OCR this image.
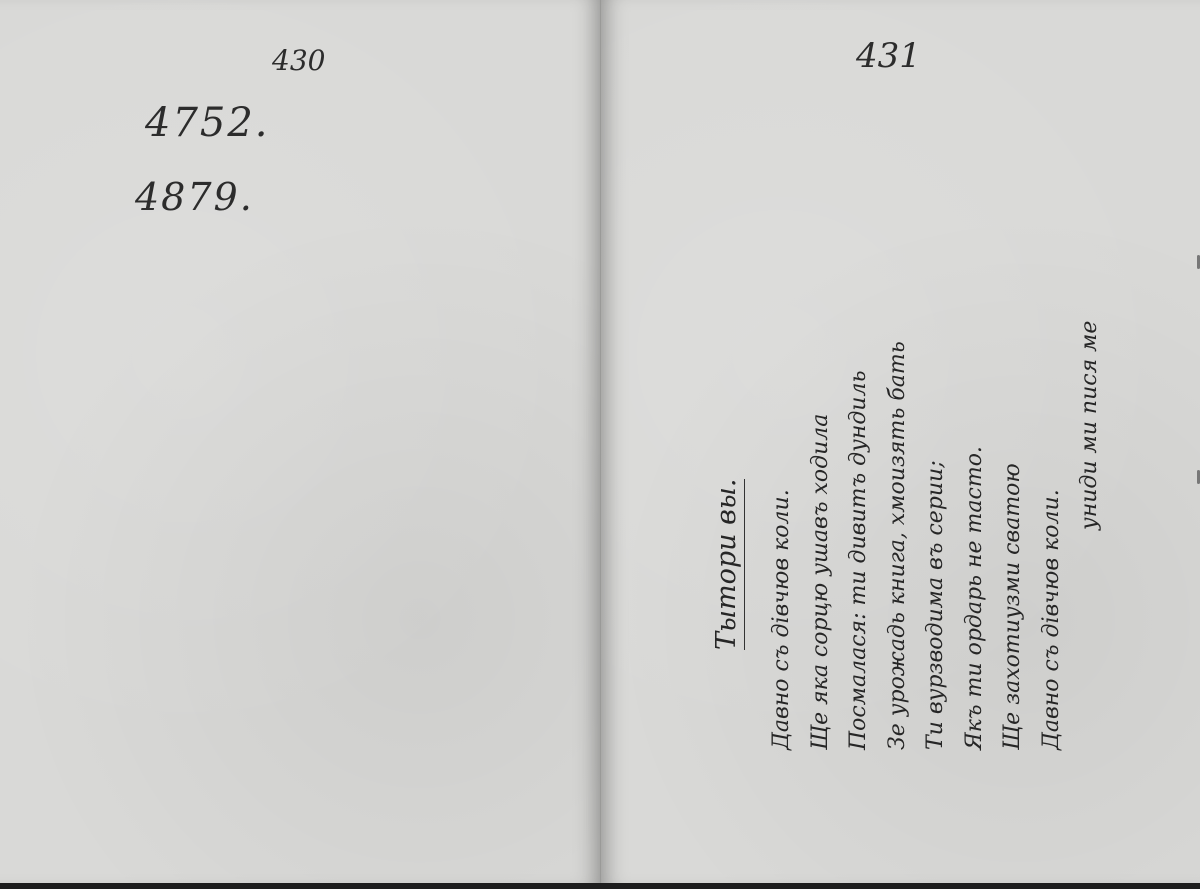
430
4752.
4879.
431
Тытори вы. Давно съ дівчюв коли. Ще яка сорцю ушавъ ходила Посмалася: ти дивитъ дундиль Зе урожадь книга, хмоизять бать Ти вурзводима въ серии; Якъ ти ордарь не тасто. Ще захотиузми сватою Давно съ дівчюв коли.
униди ми пися ме
